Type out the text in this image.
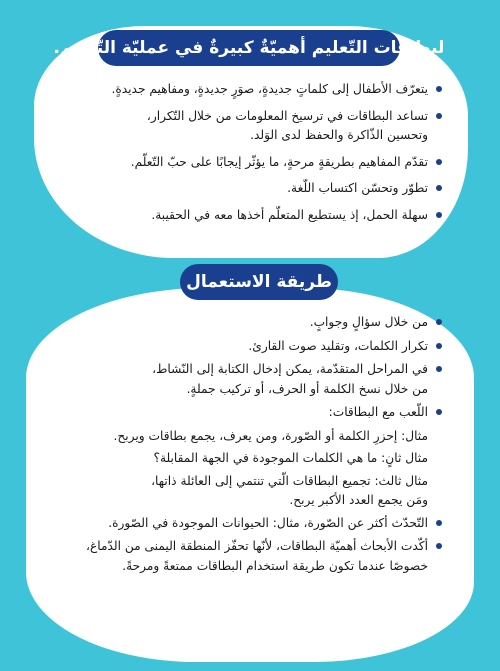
لبطاقات التّعليم أهميّةٌ كبيرةٌ في عمليّة التّعليم.
يتعرّف الأطفال إلى كلماتٍ جديدةٍ، صوَرٍ جديدةٍ، ومفاهيم جديدةٍ.
تساعد البطاقات في ترسيخ المعلومات من خلال التّكرار،
وتحسين الذّاكرة والحفظ لدى الوَلد.
تقدّم المفاهيم بطريقةٍ مرحةٍ، ما يؤثّر إيجابًا على حبّ التّعلّم.
تطوّر وتحسّن اكتساب اللّغة.
سهلة الحمل، إذ يستطيع المتعلّم أخذها معه في الحقيبة.
طريقة الاستعمال
من خلال سؤالٍ وجوابٍ.
تكرار الكلمات، وتقليد صوت القارئ.
في المراحل المتقدّمة، يمكن إدخال الكتابة إلى النّشاط،
من خلال نسخ الكلمة أو الحرف، أو تركيب جملةٍ.
اللّعب مع البطاقات:
مثال: إحزرِ الكلمة أو الصّورة، ومن يعرف، يجمع بطاقات ويربح.
مثال ثانٍ: ما هي الكلمات الموجودة في الجهة المقابلة؟
مثال ثالث: تجميع البطاقات الّتي تنتمي إلى العائلة ذاتها،
ومَن يجمع العدد الأكبر يربح.
التّحدّث أكثر عن الصّورة، مثال: الحيوانات الموجودة في الصّورة.
أكّدت الأبحاث أهميّة البطاقات، لأنّها تحفّز المنطقة اليمنى من الدّماغ،
خصوصًا عندما تكون طريقة استخدام البطاقات ممتعةً ومرحةً.
